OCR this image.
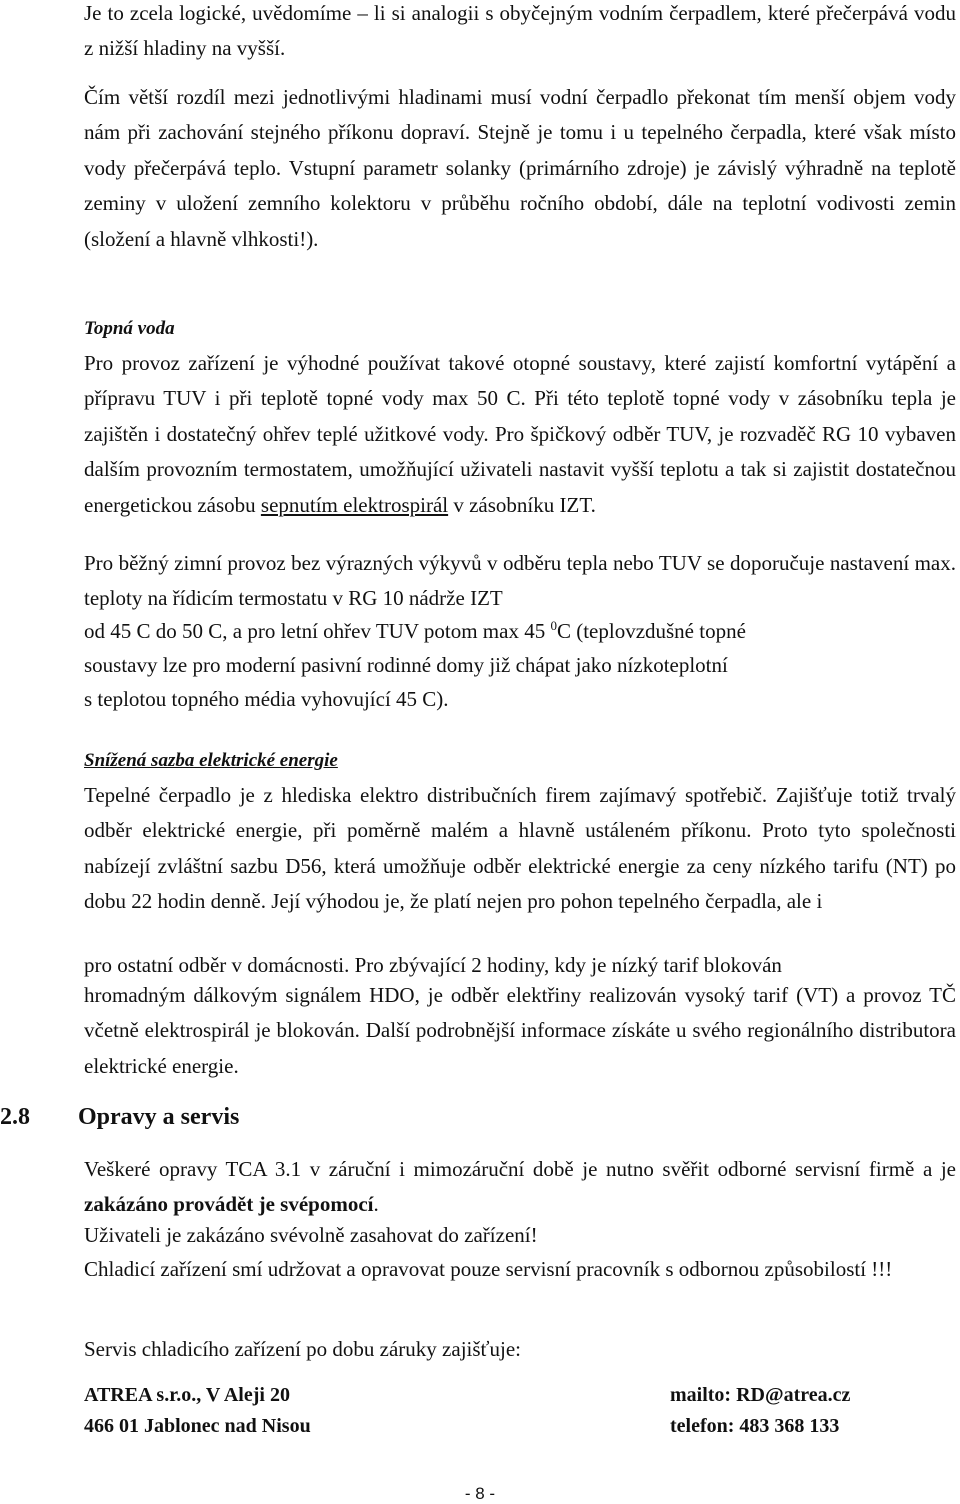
Je to zcela logické, uvědomíme – li si analogii s obyčejným vodním čerpadlem, které přečerpává vodu z nižší hladiny na vyšší.

Čím větší rozdíl mezi jednotlivými hladinami musí vodní čerpadlo překonat tím menší objem vody nám při zachování stejného příkonu dopraví. Stejně je tomu i u tepelného čerpadla, které však místo vody přečerpává teplo. Vstupní parametr solanky (primárního zdroje) je závislý výhradně na teplotě zeminy v uložení zemního kolektoru v průběhu ročního období, dále na teplotní vodivosti zemin (složení a hlavně vlhkosti!).

Topná voda

Pro provoz zařízení je výhodné používat takové otopné soustavy, které zajistí komfortní vytápění a přípravu TUV i při teplotě topné vody max 50 C. Při této teplotě topné vody v zásobníku tepla je zajištěn i dostatečný ohřev teplé užitkové vody. Pro špičkový odběr TUV, je rozvaděč RG 10 vybaven dalším provozním termostatem, umožňující uživateli nastavit vyšší teplotu a tak si zajistit dostatečnou energetickou zásobu sepnutím elektrospirál v zásobníku IZT.

Pro běžný zimní provoz bez výrazných výkyvů v odběru tepla nebo TUV se doporučuje nastavení max. teploty na řídicím termostatu v RG 10 nádrže IZT

od 45 C do 50 C, a pro letní ohřev TUV potom max 45 $^0$C (teplovzdušné topné

soustavy lze pro moderní pasivní rodinné domy již chápat jako nízkoteplotní

s teplotou topného média vyhovující 45 C).

Snížená sazba elektrické energie

Tepelné čerpadlo je z hlediska elektro distribučních firem zajímavý spotřebič. Zajišťuje totiž trvalý odběr elektrické energie, při poměrně malém a hlavně ustáleném příkonu. Proto tyto společnosti nabízejí zvláštní sazbu D56, která umožňuje odběr elektrické energie za ceny nízkého tarifu (NT) po dobu 22 hodin denně. Její výhodou je, že platí nejen pro pohon tepelného čerpadla, ale i

pro ostatní odběr v domácnosti. Pro zbývající 2 hodiny, kdy je nízký tarif blokován

hromadným dálkovým signálem HDO, je odběr elektřiny realizován vysoký tarif (VT) a provoz TČ včetně elektrospirál je blokován. Další podrobnější informace získáte u svého regionálního distributora elektrické energie.

2.8 Opravy a servis

Veškeré opravy TCA 3.1 v záruční i mimozáruční době je nutno svěřit odborné servisní firmě a je zakázáno provádět je svépomocí.

Uživateli je zakázáno svévolně zasahovat do zařízení!

Chladicí zařízení smí udržovat a opravovat pouze servisní pracovník s odbornou způsobilostí !!!

Servis chladicího zařízení po dobu záruky zajišťuje:

ATREA s.r.o., V Aleji 20	mailto: RD@atrea.cz
466 01 Jablonec nad Nisou	telefon: 483 368 133
- 8 -
